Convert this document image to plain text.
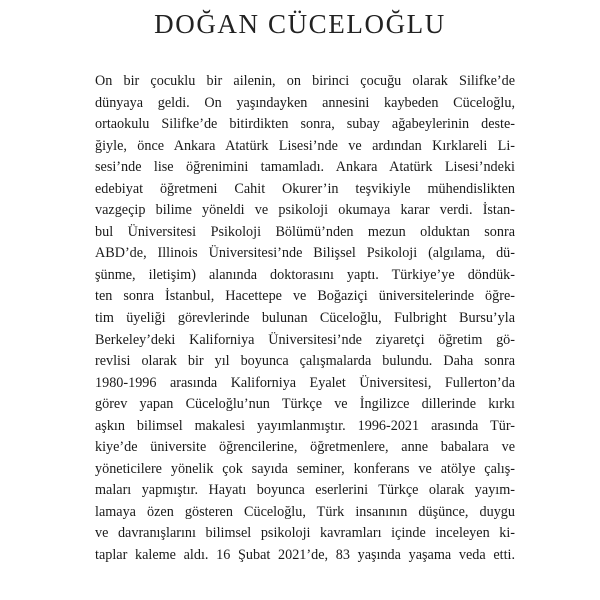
DOĞAN CÜCELOĞLU
On bir çocuklu bir ailenin, on birinci çocuğu olarak Silifke’de
dünyaya geldi. On yaşındayken annesini kaybeden Cüceloğlu,
ortaokulu Silifke’de bitirdikten sonra, subay ağabeylerinin deste-
ğiyle, önce Ankara Atatürk Lisesi’nde ve ardından Kırklareli Li-
sesi’nde lise öğrenimini tamamladı. Ankara Atatürk Lisesi’ndeki
edebiyat öğretmeni Cahit Okurer’in teşvikiyle mühendislikten
vazgeçip bilime yöneldi ve psikoloji okumaya karar verdi. İstan-
bul Üniversitesi Psikoloji Bölümü’nden mezun olduktan sonra
ABD’de, Illinois Üniversitesi’nde Bilişsel Psikoloji (algılama, dü-
şünme, iletişim) alanında doktorasını yaptı. Türkiye’ye döndük-
ten sonra İstanbul, Hacettepe ve Boğaziçi üniversitelerinde öğre-
tim üyeliği görevlerinde bulunan Cüceloğlu, Fulbright Bursu’yla
Berkeley’deki Kaliforniya Üniversitesi’nde ziyaretçi öğretim gö-
revlisi olarak bir yıl boyunca çalışmalarda bulundu. Daha sonra
1980-1996 arasında Kaliforniya Eyalet Üniversitesi, Fullerton’da
görev yapan Cüceloğlu’nun Türkçe ve İngilizce dillerinde kırkı
aşkın bilimsel makalesi yayımlanmıştır. 1996-2021 arasında Tür-
kiye’de üniversite öğrencilerine, öğretmenlere, anne babalara ve
yöneticilere yönelik çok sayıda seminer, konferans ve atölye çalış-
maları yapmıştır. Hayatı boyunca eserlerini Türkçe olarak yayım-
lamaya özen gösteren Cüceloğlu, Türk insanının düşünce, duygu
ve davranışlarını bilimsel psikoloji kavramları içinde inceleyen ki-
taplar kaleme aldı. 16 Şubat 2021’de, 83 yaşında yaşama veda etti.
